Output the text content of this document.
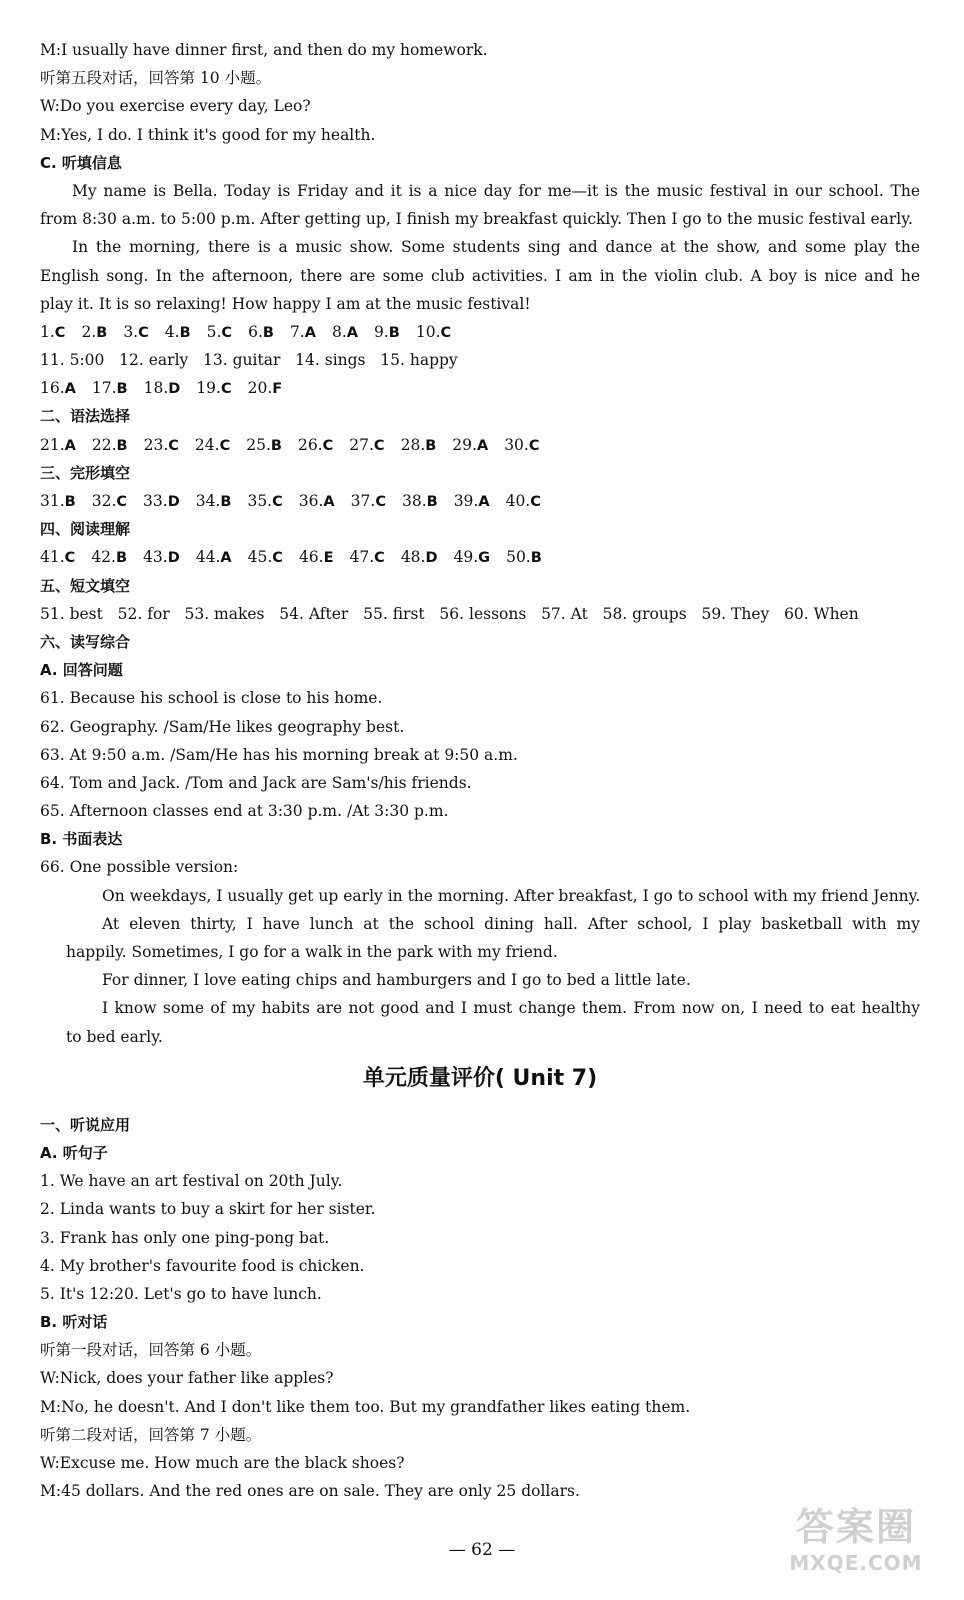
M:I usually have dinner first, and then do my homework.
听第五段对话，回答第 10 小题。
W:Do you exercise every day, Leo?
M:Yes, I do. I think it's good for my health.
C. 听填信息
My name is Bella. Today is Friday and it is a nice day for me—it is the music festival in our school. The
from 8:30 a.m. to 5:00 p.m. After getting up, I finish my breakfast quickly. Then I go to the music festival early.
In the morning, there is a music show. Some students sing and dance at the show, and some play the
English song. In the afternoon, there are some club activities. I am in the violin club. A boy is nice and he
play it. It is so relaxing! How happy I am at the music festival!
1.C 2.B 3.C 4.B 5.C 6.B 7.A 8.A 9.B 10.C
11. 5:00   12. early   13. guitar   14. sings   15. happy
16.A 17.B 18.D 19.C 20.F
二、语法选择
21.A 22.B 23.C 24.C 25.B 26.C 27.C 28.B 29.A 30.C
三、完形填空
31.B 32.C 33.D 34.B 35.C 36.A 37.C 38.B 39.A 40.C
四、阅读理解
41.C 42.B 43.D 44.A 45.C 46.E 47.C 48.D 49.G 50.B
五、短文填空
51. best   52. for   53. makes   54. After   55. first   56. lessons   57. At   58. groups   59. They   60. When
六、读写综合
A. 回答问题
61. Because his school is close to his home.
62. Geography. /Sam/He likes geography best.
63. At 9:50 a.m. /Sam/He has his morning break at 9:50 a.m.
64. Tom and Jack. /Tom and Jack are Sam's/his friends.
65. Afternoon classes end at 3:30 p.m. /At 3:30 p.m.
B. 书面表达
66. One possible version:
On weekdays, I usually get up early in the morning. After breakfast, I go to school with my friend Jenny.
At eleven thirty, I have lunch at the school dining hall. After school, I play basketball with my
happily. Sometimes, I go for a walk in the park with my friend.
For dinner, I love eating chips and hamburgers and I go to bed a little late.
I know some of my habits are not good and I must change them. From now on, I need to eat healthy
to bed early.
单元质量评价( Unit 7)
一、听说应用
A. 听句子
1. We have an art festival on 20th July.
2. Linda wants to buy a skirt for her sister.
3. Frank has only one ping-pong bat.
4. My brother's favourite food is chicken.
5. It's 12:20. Let's go to have lunch.
B. 听对话
听第一段对话，回答第 6 小题。
W:Nick, does your father like apples?
M:No, he doesn't. And I don't like them too. But my grandfather likes eating them.
听第二段对话，回答第 7 小题。
W:Excuse me. How much are the black shoes?
M:45 dollars. And the red ones are on sale. They are only 25 dollars.
— 62 —
答案圈
MXQE.COM
